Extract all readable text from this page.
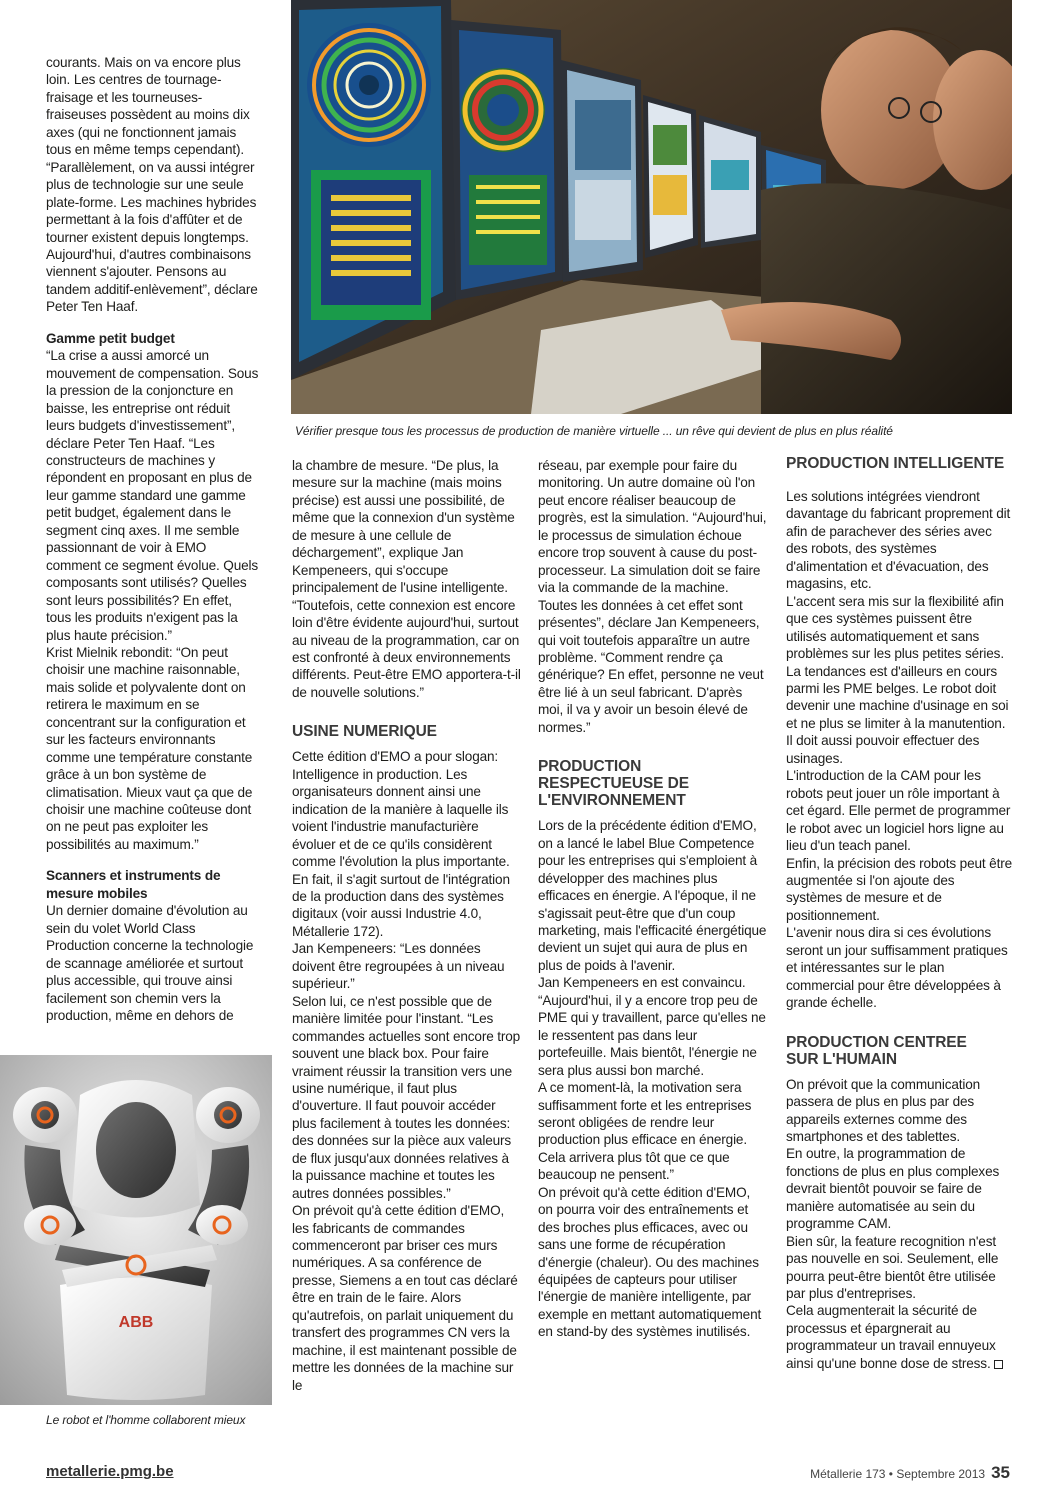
Vérifier presque tous les processus de production de manière virtuelle ... un rêve qui devient de plus en plus réalité

courants. Mais on va encore plus loin. Les centres de tournage-fraisage et les tourneuses-fraiseuses possèdent au moins dix axes (qui ne fonctionnent jamais tous en même temps cependant). “Parallèlement, on va aussi intégrer plus de technologie sur une seule plate-forme. Les machines hybrides permettant à la fois d'affûter et de tourner existent depuis longtemps. Aujourd'hui, d'autres combinaisons viennent s'ajouter. Pensons au tandem additif-enlèvement”, déclare Peter Ten Haaf.

Gamme petit budget

“La crise a aussi amorcé un mouvement de compensation. Sous la pression de la conjoncture en baisse, les entreprise ont réduit leurs budgets d'investissement”, déclare Peter Ten Haaf. “Les constructeurs de machines y répondent en proposant en plus de leur gamme standard une gamme petit budget, également dans le segment cinq axes. Il me semble passionnant de voir à EMO comment ce segment évolue. Quels composants sont utilisés? Quelles sont leurs possibilités? En effet, tous les produits n'exigent pas la plus haute précision.”

Krist Mielnik rebondit: “On peut choisir une machine raisonnable, mais solide et polyvalente dont on retirera le maximum en se concentrant sur la configuration et sur les facteurs environnants comme une température constante grâce à un bon système de climatisation. Mieux vaut ça que de choisir une machine coûteuse dont on ne peut pas exploiter les possibilités au maximum.”

Scanners et instruments de mesure mobiles

Un dernier domaine d'évolution au sein du volet World Class Production concerne la technologie de scannage améliorée et surtout plus accessible, qui trouve ainsi facilement son chemin vers la production, même en dehors de

ABB
Le robot et l'homme collaborent mieux

la chambre de mesure. “De plus, la mesure sur la machine (mais moins précise) est aussi une possibilité, de même que la connexion d'un système de mesure à une cellule de déchargement”, explique Jan Kempeneers, qui s'occupe principalement de l'usine intelligente. “Toutefois, cette connexion est encore loin d'être évidente aujourd'hui, surtout au niveau de la programmation, car on est confronté à deux environnements différents. Peut-être EMO apportera-t-il de nouvelle solutions.”

USINE NUMERIQUE

Cette édition d'EMO a pour slogan: Intelligence in production. Les organisateurs donnent ainsi une indication de la manière à laquelle ils voient l'industrie manufacturière évoluer et de ce qu'ils considèrent comme l'évolution la plus importante. En fait, il s'agit surtout de l'intégration de la production dans des systèmes digitaux (voir aussi Industrie 4.0, Métallerie 172).

Jan Kempeneers: “Les données doivent être regroupées à un niveau supérieur.”

Selon lui, ce n'est possible que de manière limitée pour l'instant. “Les commandes actuelles sont encore trop souvent une black box. Pour faire vraiment réussir la transition vers une usine numérique, il faut plus d'ouverture. Il faut pouvoir accéder plus facilement à toutes les données: des données sur la pièce aux valeurs de flux jusqu'aux données relatives à la puissance machine et toutes les autres données possibles.”

On prévoit qu'à cette édition d'EMO, les fabricants de commandes commenceront par briser ces murs numériques. A sa conférence de presse, Siemens a en tout cas déclaré être en train de le faire. Alors qu'autrefois, on parlait uniquement du transfert des programmes CN vers la machine, il est maintenant possible de mettre les données de la machine sur le

réseau, par exemple pour faire du monitoring. Un autre domaine où l'on peut encore réaliser beaucoup de progrès, est la simulation. “Aujourd'hui, le processus de simulation échoue encore trop souvent à cause du post-processeur. La simulation doit se faire via la commande de la machine. Toutes les données à cet effet sont présentes”, déclare Jan Kempeneers, qui voit toutefois apparaître un autre problème. “Comment rendre ça générique? En effet, personne ne veut être lié à un seul fabricant. D'après moi, il va y avoir un besoin élevé de normes.”

PRODUCTION RESPECTUEUSE DE L'ENVIRONNEMENT

Lors de la précédente édition d'EMO, on a lancé le label Blue Competence pour les entreprises qui s'emploient à développer des machines plus efficaces en énergie. A l'époque, il ne s'agissait peut-être que d'un coup marketing, mais l'efficacité énergétique devient un sujet qui aura de plus en plus de poids à l'avenir.

Jan Kempeneers en est convaincu. “Aujourd'hui, il y a encore trop peu de PME qui y travaillent, parce qu'elles ne le ressentent pas dans leur portefeuille. Mais bientôt, l'énergie ne sera plus aussi bon marché.

A ce moment-là, la motivation sera suffisamment forte et les entreprises seront obligées de rendre leur production plus efficace en énergie. Cela arrivera plus tôt que ce que beaucoup ne pensent.”

On prévoit qu'à cette édition d'EMO, on pourra voir des entraînements et des broches plus efficaces, avec ou sans une forme de récupération d'énergie (chaleur). Ou des machines équipées de capteurs pour utiliser l'énergie de manière intelligente, par exemple en mettant automatiquement en stand-by des systèmes inutilisés.

PRODUCTION INTELLIGENTE

Les solutions intégrées viendront davantage du fabricant proprement dit afin de parachever des séries avec des robots, des systèmes d'alimentation et d'évacuation, des magasins, etc.

L'accent sera mis sur la flexibilité afin que ces systèmes puissent être utilisés automatiquement et sans problèmes sur les plus petites séries.

La tendances est d'ailleurs en cours parmi les PME belges. Le robot doit devenir une machine d'usinage en soi et ne plus se limiter à la manutention. Il doit aussi pouvoir effectuer des usinages.

L'introduction de la CAM pour les robots peut jouer un rôle important à cet égard. Elle permet de programmer le robot avec un logiciel hors ligne au lieu d'un teach panel.

Enfin, la précision des robots peut être augmentée si l'on ajoute des systèmes de mesure et de positionnement.

L'avenir nous dira si ces évolutions seront un jour suffisamment pratiques et intéressantes sur le plan commercial pour être développées à grande échelle.

PRODUCTION CENTREE SUR L'HUMAIN

On prévoit que la communication passera de plus en plus par des appareils externes comme des smartphones et des tablettes.

En outre, la programmation de fonctions de plus en plus complexes devrait bientôt pouvoir se faire de manière automatisée au sein du programme CAM.

Bien sûr, la feature recognition n'est pas nouvelle en soi. Seulement, elle pourra peut-être bientôt être utilisée par plus d'entreprises.

Cela augmenterait la sécurité de processus et épargnerait au programmateur un travail ennuyeux ainsi qu'une bonne dose de stress.

metallerie.pmg.be	Métallerie 173 • Septembre 2013 35
